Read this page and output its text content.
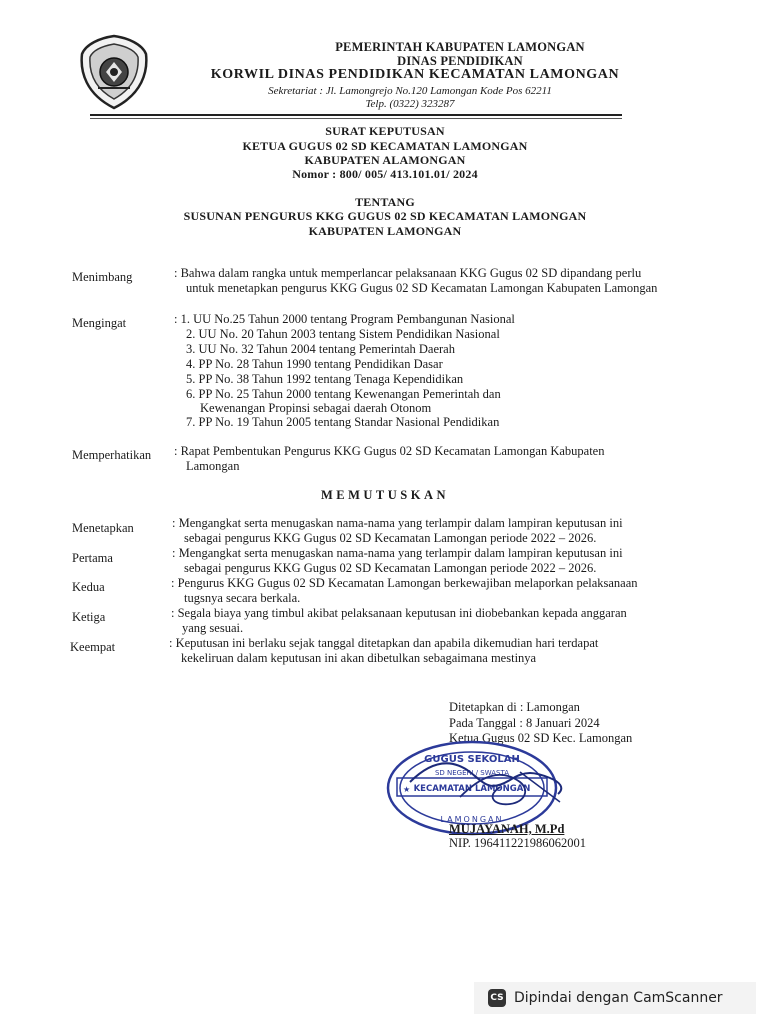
PEMERINTAH KABUPATEN LAMONGAN
DINAS PENDIDIKAN
KORWIL DINAS PENDIDIKAN KECAMATAN LAMONGAN
Sekretariat : Jl. Lamongrejo No.120 Lamongan Kode Pos 62211
Telp. (0322) 323287
SURAT KEPUTUSAN
KETUA GUGUS 02 SD KECAMATAN LAMONGAN
KABUPATEN ALAMONGAN
Nomor : 800/ 005/ 413.101.01/ 2024
TENTANG
SUSUNAN PENGURUS KKG GUGUS 02 SD KECAMATAN LAMONGAN
KABUPATEN LAMONGAN
Menimbang	: Bahwa dalam rangka untuk memperlancar pelaksanaan KKG Gugus 02 SD dipandang perlu
untuk menetapkan pengurus KKG Gugus 02 SD Kecamatan Lamongan Kabupaten Lamongan
Mengingat	: 1. UU No.25 Tahun 2000 tentang Program Pembangunan Nasional
2. UU No. 20 Tahun 2003 tentang Sistem Pendidikan Nasional
3. UU No. 32 Tahun 2004 tentang Pemerintah Daerah
4. PP No. 28 Tahun 1990 tentang Pendidikan Dasar
5. PP No. 38 Tahun 1992 tentang Tenaga Kependidikan
6. PP No. 25 Tahun 2000 tentang Kewenangan Pemerintah dan
Kewenangan Propinsi sebagai daerah Otonom
7. PP No. 19 Tahun 2005 tentang Standar Nasional Pendidikan
Memperhatikan : Rapat Pembentukan Pengurus KKG Gugus 02 SD Kecamatan Lamongan Kabupaten
Lamongan
MEMUTUSKAN
Menetapkan	: Mengangkat serta menugaskan nama-nama yang terlampir dalam lampiran keputusan ini
sebagai pengurus KKG Gugus 02 SD Kecamatan Lamongan periode 2022 – 2026.
Pertama	: Mengangkat serta menugaskan nama-nama yang terlampir dalam lampiran keputusan ini
sebagai pengurus KKG Gugus 02 SD Kecamatan Lamongan periode 2022 – 2026.
Kedua	: Pengurus KKG Gugus 02 SD Kecamatan Lamongan berkewajiban melaporkan pelaksanaan
tugsnya secara berkala.
Ketiga	: Segala biaya yang timbul akibat pelaksanaan keputusan ini diobebankan kepada anggaran
yang sesuai.
Keempat	: Keputusan ini berlaku sejak tanggal ditetapkan dan apabila dikemudian hari terdapat
kekeliruan dalam keputusan ini akan dibetulkan sebagaimana mestinya
Ditetapkan di : Lamongan
Pada Tanggal : 8 Januari 2024
Ketua Gugus 02 SD Kec. Lamongan
GUGUS SEKOLAH
SD NEGERI / SWASTA
KECAMATAN LAMONGAN
LAMONGAN
★
MUJAYANAH, M.Pd
NIP. 196411221986062001
CS Dipindai dengan CamScanner
